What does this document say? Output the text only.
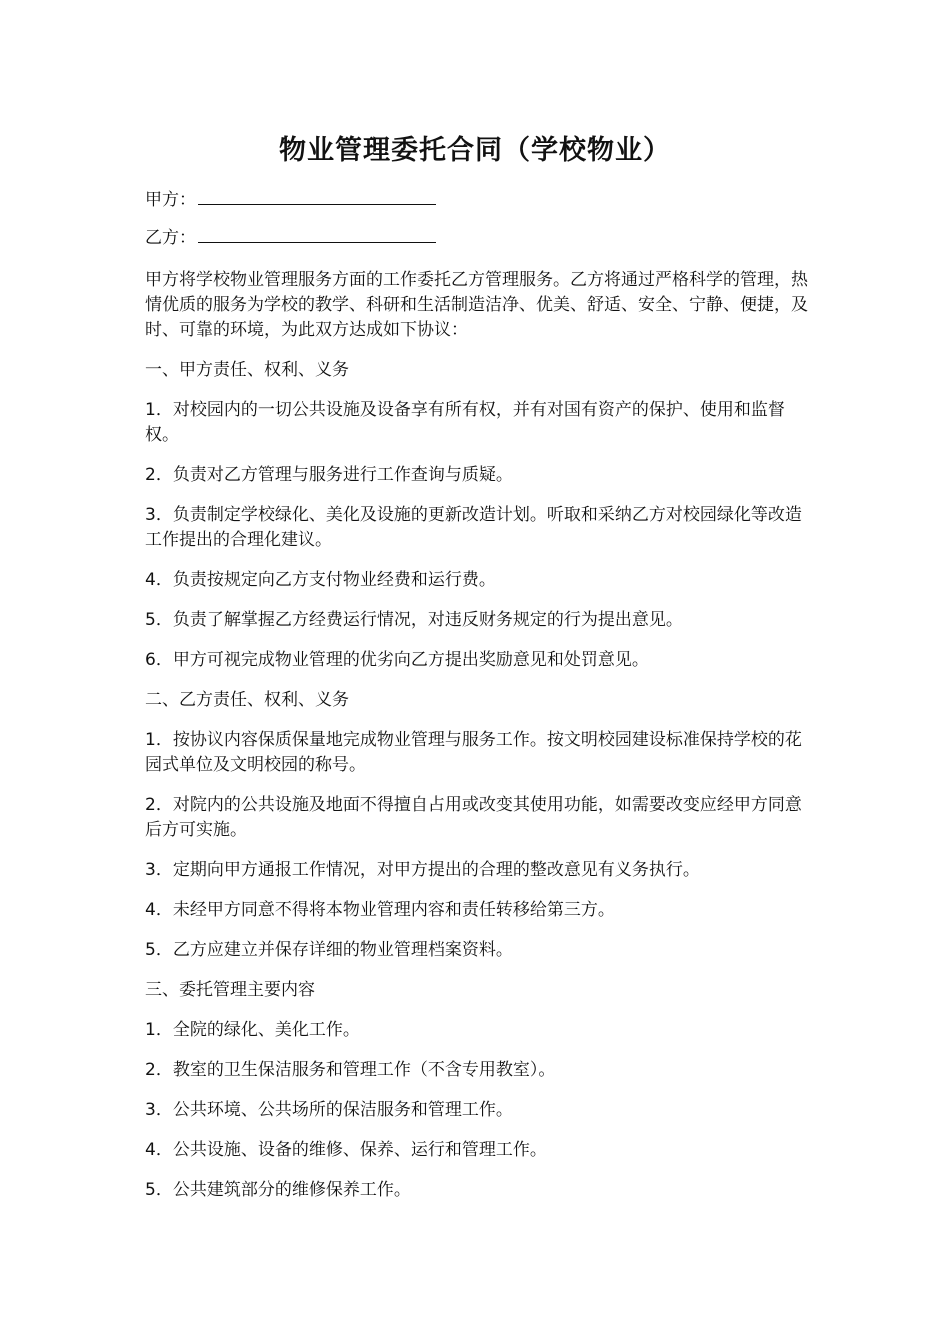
物业管理委托合同（学校物业）
甲方：
乙方：

甲方将学校物业管理服务方面的工作委托乙方管理服务。乙方将通过严格科学的管理，热情优质的服务为学校的教学、科研和生活制造洁净、优美、舒适、安全、宁静、便捷，及时、可靠的环境，为此双方达成如下协议：

一、甲方责任、权利、义务

1．对校园内的一切公共设施及设备享有所有权，并有对国有资产的保护、使用和监督权。

2．负责对乙方管理与服务进行工作查询与质疑。

3．负责制定学校绿化、美化及设施的更新改造计划。听取和采纳乙方对校园绿化等改造工作提出的合理化建议。

4．负责按规定向乙方支付物业经费和运行费。

5．负责了解掌握乙方经费运行情况，对违反财务规定的行为提出意见。

6．甲方可视完成物业管理的优劣向乙方提出奖励意见和处罚意见。

二、乙方责任、权利、义务

1．按协议内容保质保量地完成物业管理与服务工作。按文明校园建设标准保持学校的花园式单位及文明校园的称号。

2．对院内的公共设施及地面不得擅自占用或改变其使用功能，如需要改变应经甲方同意后方可实施。

3．定期向甲方通报工作情况，对甲方提出的合理的整改意见有义务执行。

4．未经甲方同意不得将本物业管理内容和责任转移给第三方。

5．乙方应建立并保存详细的物业管理档案资料。

三、委托管理主要内容

1．全院的绿化、美化工作。

2．教室的卫生保洁服务和管理工作（不含专用教室）。

3．公共环境、公共场所的保洁服务和管理工作。

4．公共设施、设备的维修、保养、运行和管理工作。

5．公共建筑部分的维修保养工作。
